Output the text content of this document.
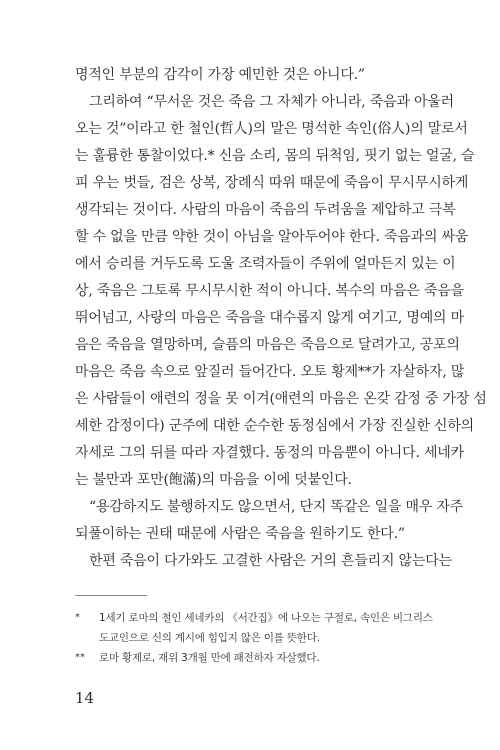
명적인 부분의 감각이 가장 예민한 것은 아니다.”
그리하여 “무서운 것은 죽음 그 자체가 아니라, 죽음과 아울러
오는 것”이라고 한 철인(哲人)의 말은 명석한 속인(俗人)의 말로서
는 훌륭한 통찰이었다.* 신음 소리, 몸의 뒤척임, 핏기 없는 얼굴, 슬
피 우는 벗들, 검은 상복, 장례식 따위 때문에 죽음이 무시무시하게
생각되는 것이다. 사람의 마음이 죽음의 두려움을 제압하고 극복
할 수 없을 만큼 약한 것이 아님을 알아두어야 한다. 죽음과의 싸움
에서 승리를 거두도록 도울 조력자들이 주위에 얼마든지 있는 이
상, 죽음은 그토록 무시무시한 적이 아니다. 복수의 마음은 죽음을
뛰어넘고, 사랑의 마음은 죽음을 대수롭지 않게 여기고, 명예의 마
음은 죽음을 열망하며, 슬픔의 마음은 죽음으로 달려가고, 공포의
마음은 죽음 속으로 앞질러 들어간다. 오토 황제**가 자살하자, 많
은 사람들이 애련의 정을 못 이겨(애련의 마음은 온갖 감정 중 가장 섬
세한 감정이다) 군주에 대한 순수한 동정심에서 가장 진실한 신하의
자세로 그의 뒤를 따라 자결했다. 동정의 마음뿐이 아니다. 세네카
는 불만과 포만(飽滿)의 마음을 이에 덧붙인다.
“용감하지도 불행하지도 않으면서, 단지 똑같은 일을 매우 자주
되풀이하는 권태 때문에 사람은 죽음을 원하기도 한다.”
한편 죽음이 다가와도 고결한 사람은 거의 흔들리지 않는다는
*	1세기 로마의 철인 세네카의 《서간집》에 나오는 구절로, 속인은 비그리스
도교인으로 신의 계시에 힘입지 않은 이를 뜻한다.
**	로마 황제로, 재위 3개월 만에 패전하자 자살했다.
14
